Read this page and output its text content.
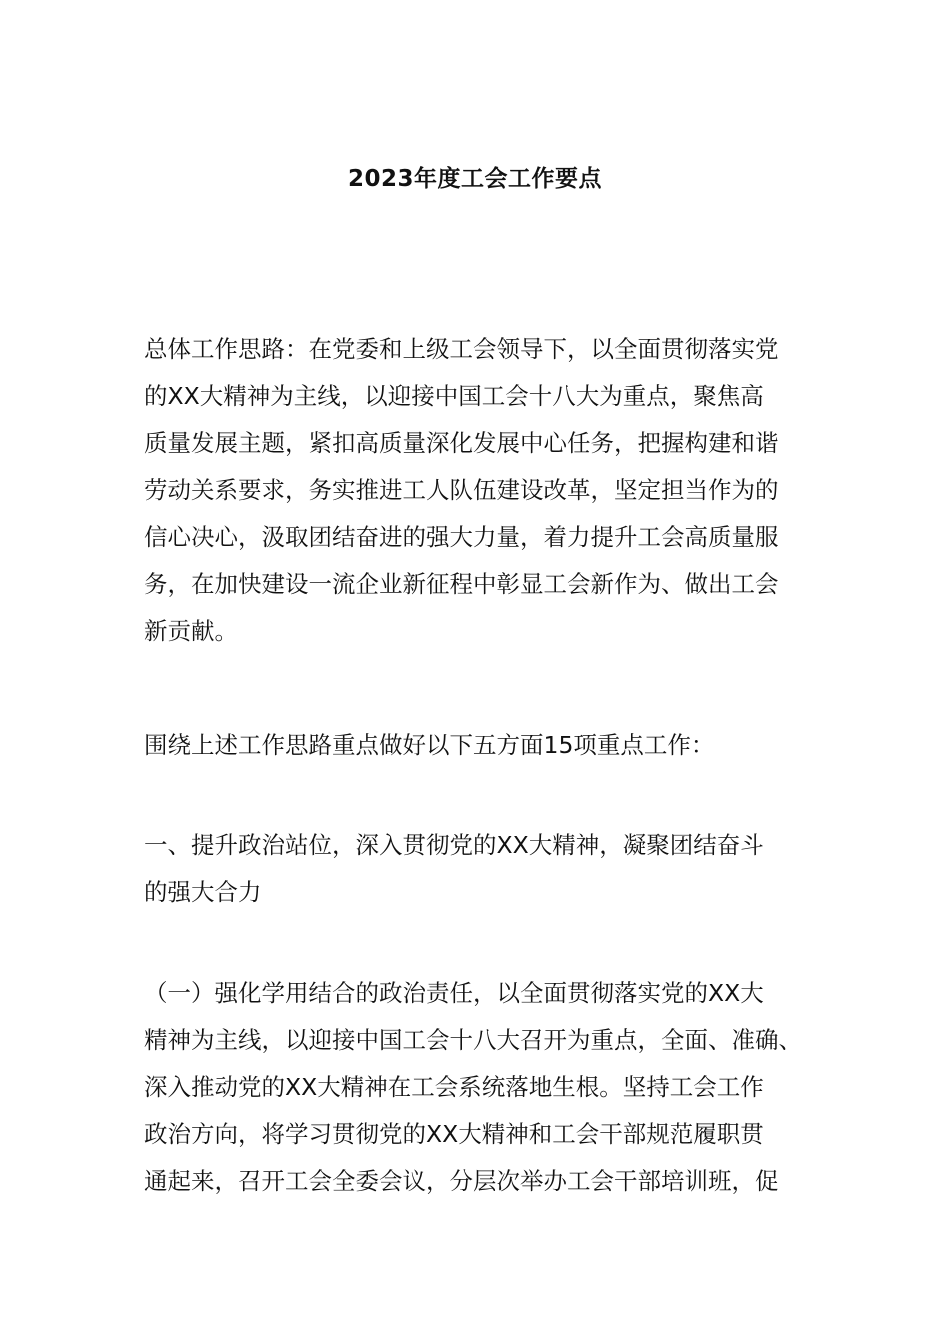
2023年度工会工作要点
总体工作思路：在党委和上级工会领导下，以全面贯彻落实党
的XX大精神为主线，以迎接中国工会十八大为重点，聚焦高
质量发展主题，紧扣高质量深化发展中心任务，把握构建和谐
劳动关系要求，务实推进工人队伍建设改革，坚定担当作为的
信心决心，汲取团结奋进的强大力量，着力提升工会高质量服
务，在加快建设一流企业新征程中彰显工会新作为、做出工会
新贡献。
围绕上述工作思路重点做好以下五方面15项重点工作：
一、提升政治站位，深入贯彻党的XX大精神，凝聚团结奋斗
的强大合力
（一）强化学用结合的政治责任，以全面贯彻落实党的XX大
精神为主线，以迎接中国工会十八大召开为重点，全面、准确、
深入推动党的XX大精神在工会系统落地生根。坚持工会工作
政治方向，将学习贯彻党的XX大精神和工会干部规范履职贯
通起来，召开工会全委会议，分层次举办工会干部培训班，促
